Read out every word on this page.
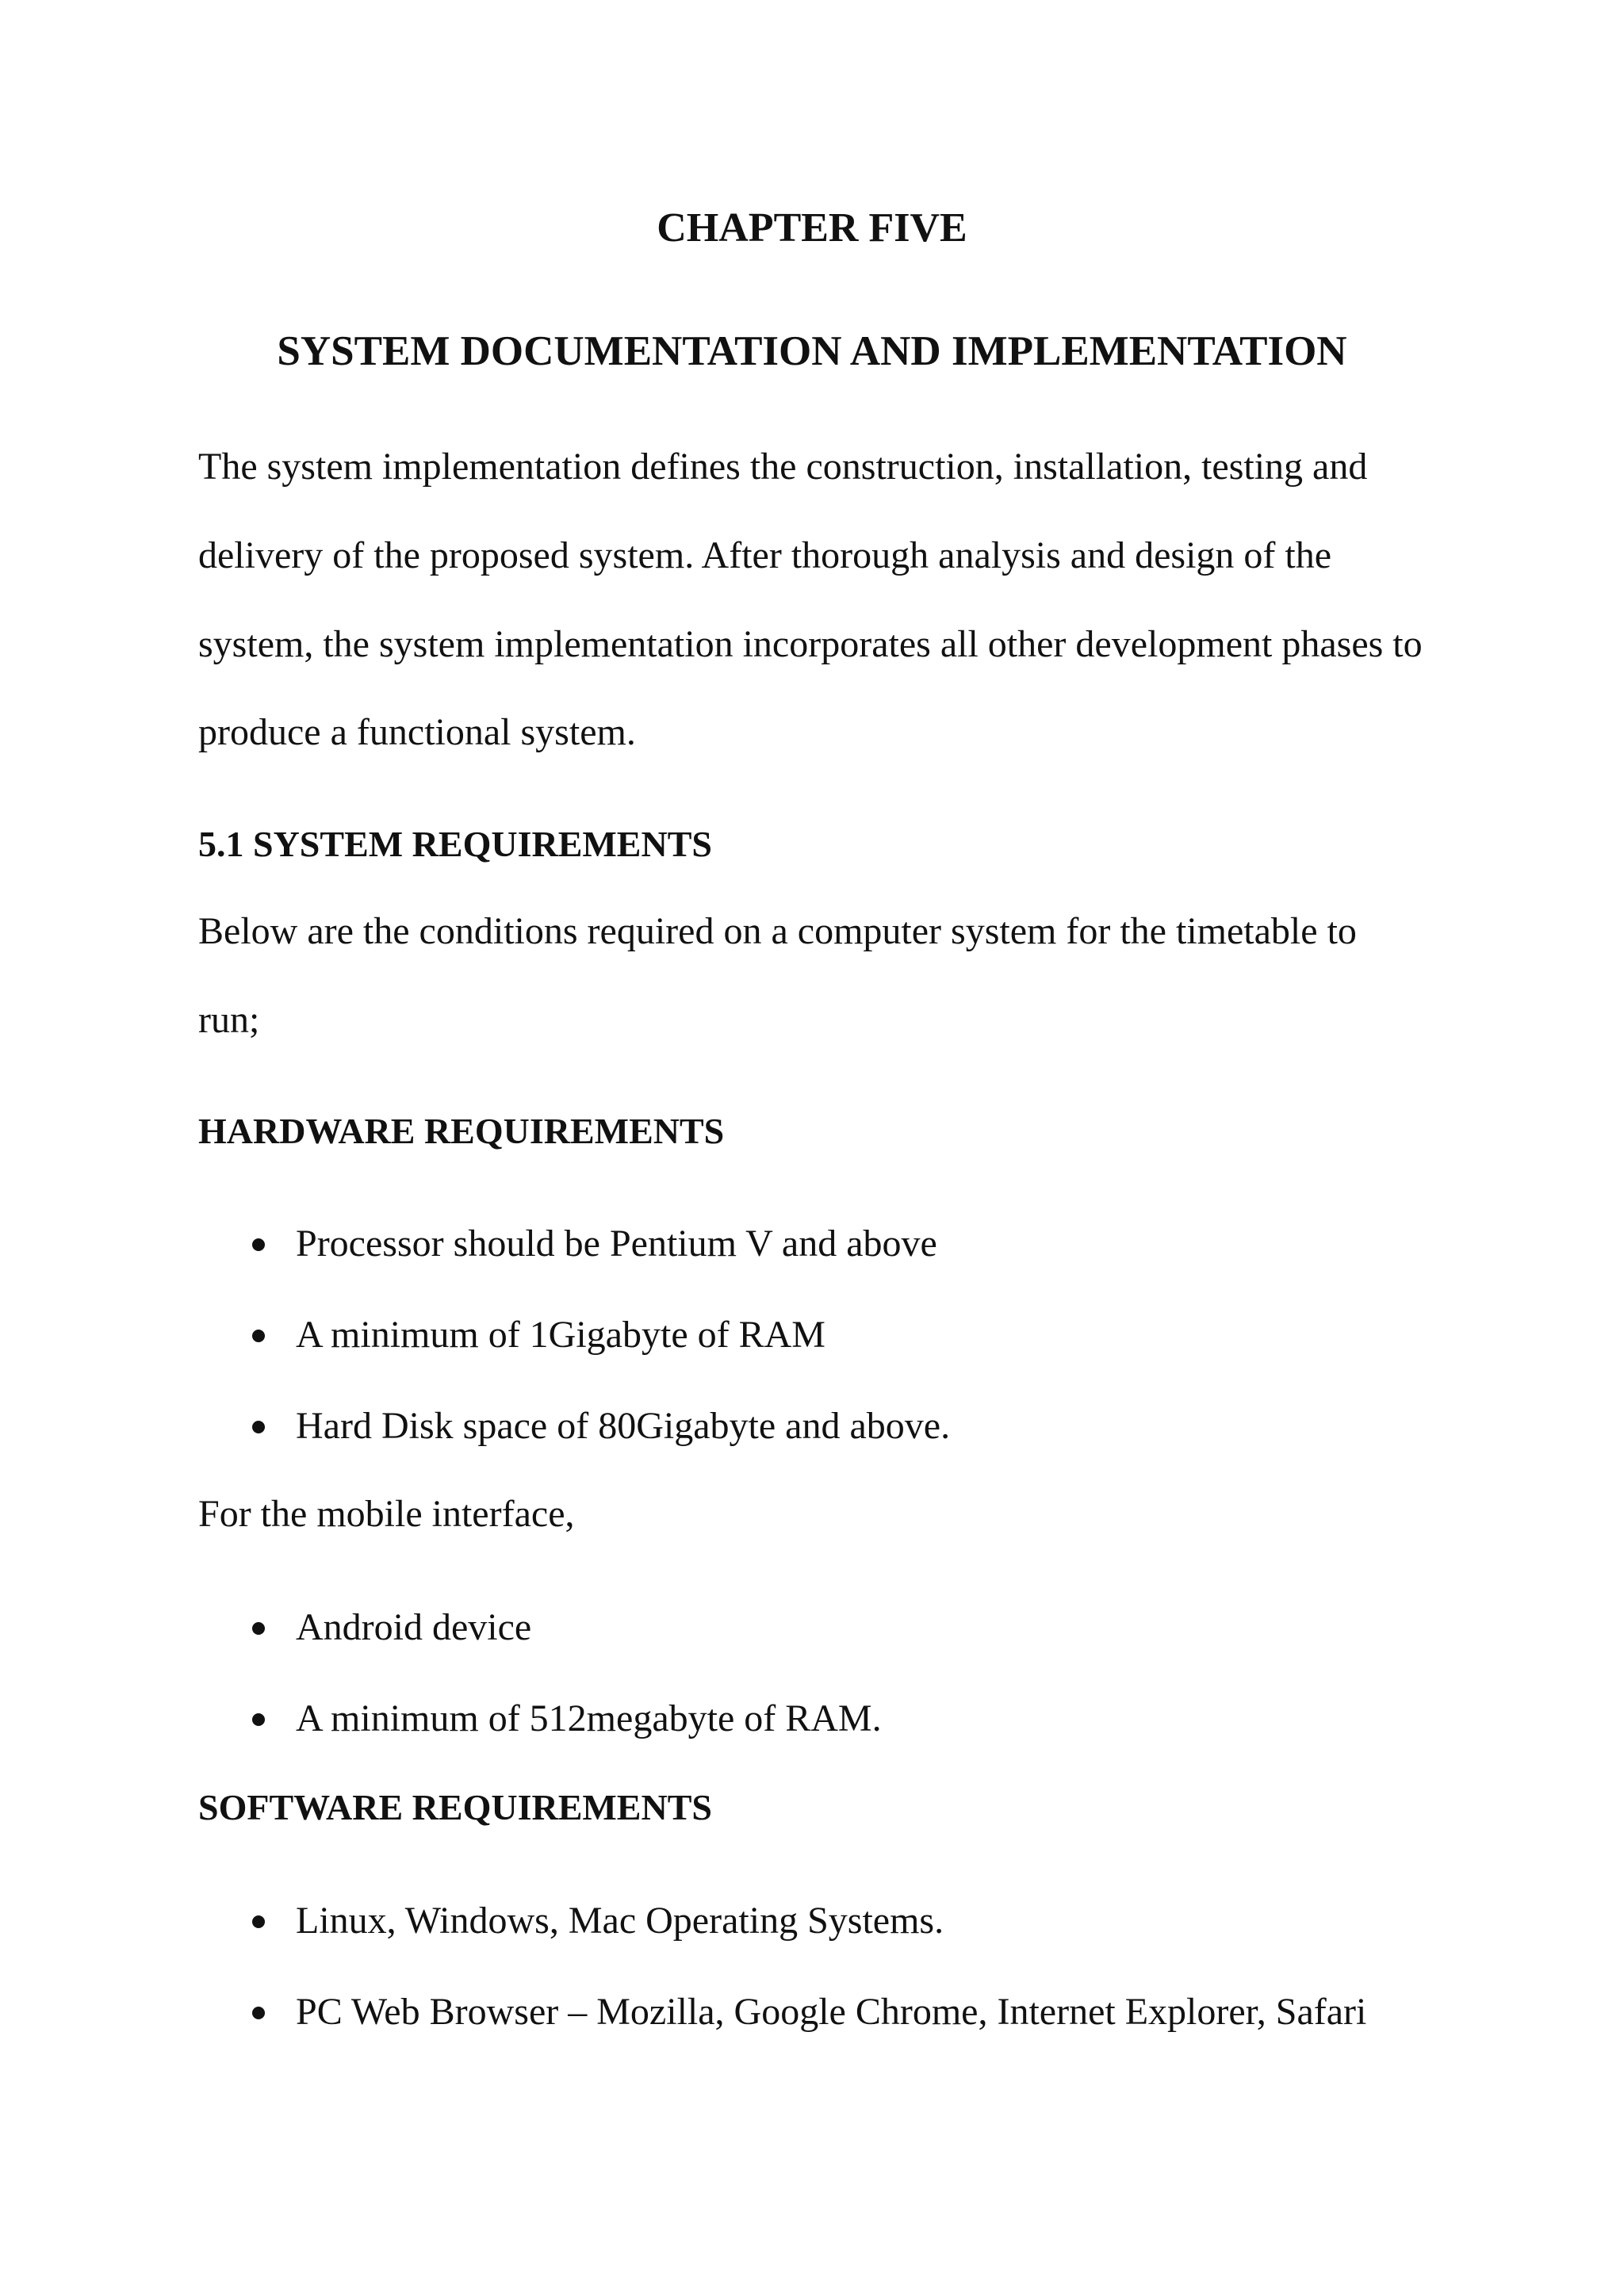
CHAPTER FIVE
SYSTEM DOCUMENTATION AND IMPLEMENTATION
The system implementation defines the construction, installation, testing and
delivery of the proposed system. After thorough analysis and design of the
system, the system implementation incorporates all other development phases to
produce a functional system.
5.1 SYSTEM REQUIREMENTS
Below are the conditions required on a computer system for the timetable to
run;
HARDWARE REQUIREMENTS
Processor should be Pentium V and above
A minimum of 1Gigabyte of RAM
Hard Disk space of 80Gigabyte and above.
For the mobile interface,
Android device
A minimum of 512megabyte of RAM.
SOFTWARE REQUIREMENTS
Linux, Windows, Mac Operating Systems.
PC Web Browser – Mozilla, Google Chrome, Internet Explorer, Safari
